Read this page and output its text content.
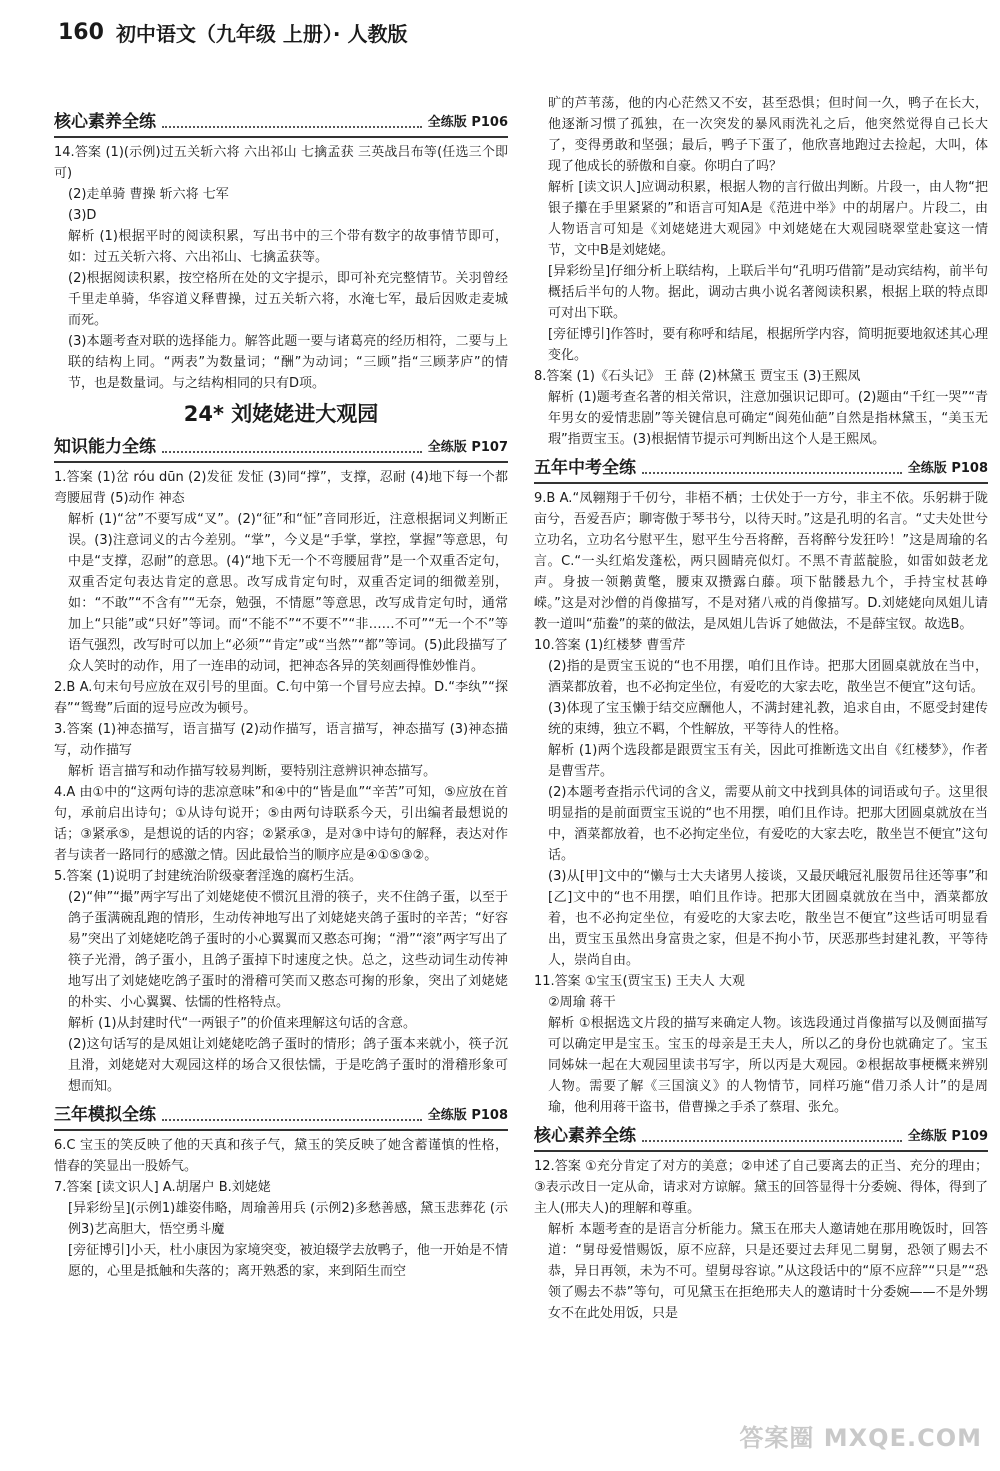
160 初中语文（九年级 上册）· 人教版
核心素养全练	全练版 P106

14.答案 (1)(示例)过五关斩六将 六出祁山 七擒孟获 三英战吕布等(任选三个即可)

(2)走单骑 曹操 斩六将 七军

(3)D

解析 (1)根据平时的阅读积累，写出书中的三个带有数字的故事情节即可，如：过五关斩六将、六出祁山、七擒孟获等。

(2)根据阅读积累，按空格所在处的文字提示，即可补充完整情节。关羽曾经千里走单骑，华容道义释曹操，过五关斩六将，水淹七军，最后因败走麦城而死。

(3)本题考查对联的选择能力。解答此题一要与诸葛亮的经历相符，二要与上联的结构上同。“两表”为数量词；“酬”为动词；“三顾”指“三顾茅庐”的情节，也是数量词。与之结构相同的只有D项。

24* 刘姥姥进大观园
知识能力全练	全练版 P107

1.答案 (1)岔 róu dūn (2)发征 发怔 (3)同“撑”，支撑，忍耐 (4)地下每一个都弯腰屈背 (5)动作 神态

解析 (1)“岔”不要写成“叉”。(2)“征”和“怔”音同形近，注意根据词义判断正误。(3)注意词义的古今差别。“掌”，今义是“手掌，掌控，掌握”等意思，句中是“支撑，忍耐”的意思。(4)“地下无一个不弯腰屈背”是一个双重否定句，双重否定句表达肯定的意思。改写成肯定句时，双重否定词的细微差别，如：“不敢”“不含有”“无奈，勉强，不情愿”等意思，改写成肯定句时，通常加上“只能”或“只好”等词。而“不能不”“不要不”“非……不可”“无一个不”等语气强烈，改写时可以加上“必须”“肯定”或“当然”“都”等词。(5)此段描写了众人笑时的动作，用了一连串的动词，把神态各异的笑刻画得惟妙惟肖。

2.B A.句末句号应放在双引号的里面。C.句中第一个冒号应去掉。D.“李纨”“探春”“鸳鸯”后面的逗号应改为顿号。

3.答案 (1)神态描写，语言描写 (2)动作描写，语言描写，神态描写 (3)神态描写，动作描写

解析 语言描写和动作描写较易判断，要特别注意辨识神态描写。

4.A 由①中的“这两句诗的悲凉意味”和④中的“皆是血”“辛苦”可知，⑤应放在首句，承前启出诗句；①从诗句说开；⑤由两句诗联系今天，引出编者最想说的话；③紧承⑤，是想说的话的内容；②紧承③，是对③中诗句的解释，表达对作者与读者一路同行的感激之情。因此最恰当的顺序应是④①⑤③②。

5.答案 (1)说明了封建统治阶级豪奢淫逸的腐朽生活。

(2)“伸”“撮”两字写出了刘姥姥使不惯沉且滑的筷子，夹不住鸽子蛋，以至于鸽子蛋满碗乱跑的情形，生动传神地写出了刘姥姥夹鸽子蛋时的辛苦；“好容易”突出了刘姥姥吃鸽子蛋时的小心翼翼而又憨态可掬；“滑”“滚”两字写出了筷子光滑，鸽子蛋小，且鸽子蛋掉下时速度之快。总之，这些动词生动传神地写出了刘姥姥吃鸽子蛋时的滑稽可笑而又憨态可掬的形象，突出了刘姥姥的朴实、小心翼翼、怯懦的性格特点。

解析 (1)从封建时代“一两银子”的价值来理解这句话的含意。

(2)这句话写的是凤姐让刘姥姥吃鸽子蛋时的情形；鸽子蛋本来就小，筷子沉且滑，刘姥姥对大观园这样的场合又很怯懦，于是吃鸽子蛋时的滑稽形象可想而知。

三年模拟全练	全练版 P108

6.C 宝玉的笑反映了他的天真和孩子气，黛玉的笑反映了她含蓄谨慎的性格，惜春的笑显出一股娇气。

7.答案 [读文识人] A.胡屠户 B.刘姥姥

[异彩纷呈](示例1)雄姿伟略，周瑜善用兵 (示例2)多愁善感，黛玉悲葬花 (示例3)艺高胆大，悟空勇斗魔

[旁征博引]小天，杜小康因为家境突变，被迫辍学去放鸭子，他一开始是不情愿的，心里是抵触和失落的；离开熟悉的家，来到陌生而空

旷的芦苇荡，他的内心茫然又不安，甚至恐惧；但时间一久，鸭子在长大，他逐渐习惯了孤独，在一次突发的暴风雨洗礼之后，他突然觉得自己长大了，变得勇敢和坚强；最后，鸭子下蛋了，他欣喜地跑过去捡起，大叫，体现了他成长的骄傲和自豪。你明白了吗？

解析 [读文识人]应调动积累，根据人物的言行做出判断。片段一，由人物“把银子攥在手里紧紧的”和语言可知A是《范进中举》中的胡屠户。片段二，由人物语言可知是《刘姥姥进大观园》中刘姥姥在大观园晓翠堂赴宴这一情节，文中B是刘姥姥。

[异彩纷呈]仔细分析上联结构，上联后半句“孔明巧借箭”是动宾结构，前半句概括后半句的人物。据此，调动古典小说名著阅读积累，根据上联的特点即可对出下联。

[旁征博引]作答时，要有称呼和结尾，根据所学内容，简明扼要地叙述其心理变化。

8.答案 (1)《石头记》 王 薛 (2)林黛玉 贾宝玉 (3)王熙凤

解析 (1)题考查名著的相关常识，注意加强识记即可。(2)题由“千红一哭”“青年男女的爱情悲剧”等关键信息可确定“阆苑仙葩”自然是指林黛玉，“美玉无瑕”指贾宝玉。(3)根据情节提示可判断出这个人是王熙凤。

五年中考全练	全练版 P108

9.B A.“凤翱翔于千仞兮，非梧不栖；士伏处于一方兮，非主不依。乐躬耕于陇亩兮，吾爱吾庐；聊寄傲于琴书兮，以待天时。”这是孔明的名言。“丈夫处世兮立功名，立功名兮慰平生，慰平生兮吾将醉，吾将醉兮发狂吟！”这是周瑜的名言。C.“一头红焰发蓬松，两只圆睛亮似灯。不黑不青蓝靛脸，如雷如鼓老龙声。身披一领鹅黄氅，腰束双攒露白藤。项下骷髅悬九个，手持宝杖甚峥嵘。”这是对沙僧的肖像描写，不是对猪八戒的肖像描写。D.刘姥姥向凤姐儿请教一道叫“茄鲞”的菜的做法，是凤姐儿告诉了她做法，不是薛宝钗。故选B。

10.答案 (1)红楼梦 曹雪芹

(2)指的是贾宝玉说的“也不用摆，咱们且作诗。把那大团圆桌就放在当中，酒菜都放着，也不必拘定坐位，有爱吃的大家去吃，散坐岂不便宜”这句话。

(3)体现了宝玉懒于结交应酬他人，不满封建礼教，追求自由，不愿受封建传统的束缚，独立不羁，个性解放，平等待人的性格。

解析 (1)两个选段都是跟贾宝玉有关，因此可推断选文出自《红楼梦》，作者是曹雪芹。

(2)本题考查指示代词的含义，需要从前文中找到具体的词语或句子。这里很明显指的是前面贾宝玉说的“也不用摆，咱们且作诗。把那大团圆桌就放在当中，酒菜都放着，也不必拘定坐位，有爱吃的大家去吃，散坐岂不便宜”这句话。

(3)从[甲]文中的“懒与士大夫诸男人接谈，又最厌峨冠礼服贺吊往还等事”和[乙]文中的“也不用摆，咱们且作诗。把那大团圆桌就放在当中，酒菜都放着，也不必拘定坐位，有爱吃的大家去吃，散坐岂不便宜”这些话可明显看出，贾宝玉虽然出身富贵之家，但是不拘小节，厌恶那些封建礼教，平等待人，崇尚自由。

11.答案 ①宝玉(贾宝玉) 王夫人 大观

②周瑜 蒋干

解析 ①根据选文片段的描写来确定人物。该选段通过肖像描写以及侧面描写可以确定甲是宝玉。宝玉的母亲是王夫人，所以乙的身份也就确定了。宝玉同姊妹一起在大观园里读书写字，所以丙是大观园。②根据故事梗概来辨别人物。需要了解《三国演义》的人物情节，同样巧施“借刀杀人计”的是周瑜，他利用蒋干盗书，借曹操之手杀了蔡瑁、张允。

核心素养全练	全练版 P109

12.答案 ①充分肯定了对方的美意；②申述了自己要离去的正当、充分的理由；③表示改日一定从命，请求对方谅解。黛玉的回答显得十分委婉、得体，得到了主人(邢夫人)的理解和尊重。

解析 本题考查的是语言分析能力。黛玉在邢夫人邀请她在那用晚饭时，回答道：“舅母爱惜赐饭，原不应辞，只是还要过去拜见二舅舅，恐领了赐去不恭，异日再领，未为不可。望舅母容谅。”从这段话中的“原不应辞”“只是”“恐领了赐去不恭”等句，可见黛玉在拒绝邢夫人的邀请时十分委婉——不是外甥女不在此处用饭，只是

答案圈 MXQE.COM
